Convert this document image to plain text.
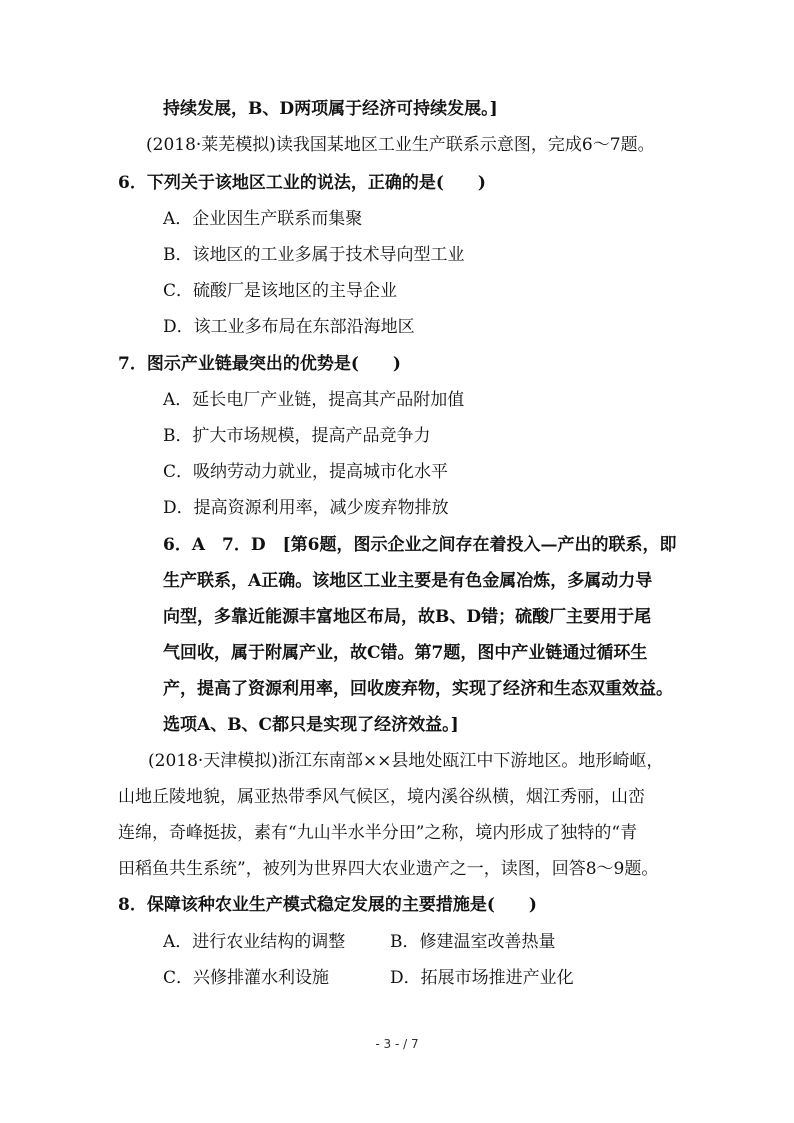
持续发展，B、D两项属于经济可持续发展。]
(2018·莱芜模拟)读我国某地区工业生产联系示意图，完成6～7题。
6．下列关于该地区工业的说法，正确的是(　　)
A．企业因生产联系而集聚
B．该地区的工业多属于技术导向型工业
C．硫酸厂是该地区的主导企业
D．该工业多布局在东部沿海地区
7．图示产业链最突出的优势是(　　)
A．延长电厂产业链，提高其产品附加值
B．扩大市场规模，提高产品竞争力
C．吸纳劳动力就业，提高城市化水平
D．提高资源利用率，减少废弃物排放
6．A　7．D　[第6题，图示企业之间存在着投入—产出的联系，即
生产联系，A正确。该地区工业主要是有色金属冶炼，多属动力导
向型，多靠近能源丰富地区布局，故B、D错；硫酸厂主要用于尾
气回收，属于附属产业，故C错。第7题，图中产业链通过循环生
产，提高了资源利用率，回收废弃物，实现了经济和生态双重效益。
选项A、B、C都只是实现了经济效益。]
(2018·天津模拟)浙江东南部××县地处瓯江中下游地区。地形崎岖，
山地丘陵地貌，属亚热带季风气候区，境内溪谷纵横，烟江秀丽，山峦
连绵，奇峰挺拔，素有“九山半水半分田”之称，境内形成了独特的“青
田稻鱼共生系统”，被列为世界四大农业遗产之一，读图，回答8～9题。
8．保障该种农业生产模式稳定发展的主要措施是(　　)
A．进行农业结构的调整	B．修建温室改善热量
C．兴修排灌水利设施	D．拓展市场推进产业化
- 3 - / 7
